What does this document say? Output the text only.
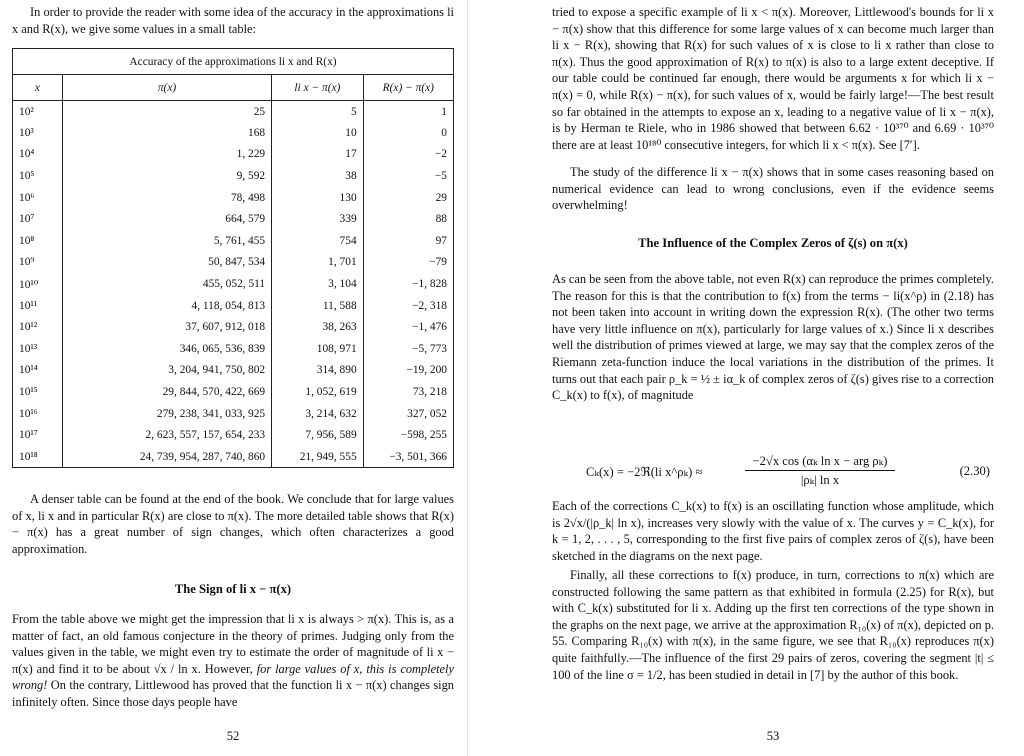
In order to provide the reader with some idea of the accuracy in the approximations li x and R(x), we give some values in a small table:

Accuracy of the approximations li x and R(x)
x	π(x)	li x − π(x)	R(x) − π(x)
10²	25	5	1
10³	168	10	0
10⁴	1, 229	17	−2
10⁵	9, 592	38	−5
10⁶	78, 498	130	29
10⁷	664, 579	339	88
10⁸	5, 761, 455	754	97
10⁹	50, 847, 534	1, 701	−79
10¹⁰	455, 052, 511	3, 104	−1, 828
10¹¹	4, 118, 054, 813	11, 588	−2, 318
10¹²	37, 607, 912, 018	38, 263	−1, 476
10¹³	346, 065, 536, 839	108, 971	−5, 773
10¹⁴	3, 204, 941, 750, 802	314, 890	−19, 200
10¹⁵	29, 844, 570, 422, 669	1, 052, 619	73, 218
10¹⁶	279, 238, 341, 033, 925	3, 214, 632	327, 052
10¹⁷	2, 623, 557, 157, 654, 233	7, 956, 589	−598, 255
10¹⁸	24, 739, 954, 287, 740, 860	21, 949, 555	−3, 501, 366

A denser table can be found at the end of the book. We conclude that for large values of x, li x and in particular R(x) are close to π(x). The more detailed table shows that R(x) − π(x) has a great number of sign changes, which often characterizes a good approximation.

The Sign of li x − π(x)

From the table above we might get the impression that li x is always > π(x). This is, as a matter of fact, an old famous conjecture in the theory of primes. Judging only from the values given in the table, we might even try to estimate the order of magnitude of li x − π(x) and find it to be about √x / ln x. However, for large values of x, this is completely wrong! On the contrary, Littlewood has proved that the function li x − π(x) changes sign infinitely often. Since those days people have

52

tried to expose a specific example of li x < π(x). Moreover, Littlewood's bounds for li x − π(x) show that this difference for some large values of x can become much larger than li x − R(x), showing that R(x) for such values of x is close to li x rather than close to π(x). Thus the good approximation of R(x) to π(x) is also to a large extent deceptive. If our table could be continued far enough, there would be arguments x for which li x − π(x) = 0, while R(x) − π(x), for such values of x, would be fairly large!—The best result so far obtained in the attempts to expose an x, leading to a negative value of li x − π(x), is by Herman te Riele, who in 1986 showed that between 6.62 · 10³⁷⁰ and 6.69 · 10³⁷⁰ there are at least 10¹⁸⁰ consecutive integers, for which li x < π(x). See [7′].

The study of the difference li x − π(x) shows that in some cases reasoning based on numerical evidence can lead to wrong conclusions, even if the evidence seems overwhelming!

The Influence of the Complex Zeros of ζ(s) on π(x)

As can be seen from the above table, not even R(x) can reproduce the primes completely. The reason for this is that the contribution to f(x) from the terms − li(x^ρ) in (2.18) has not been taken into account in writing down the expression R(x). (The other two terms have very little influence on π(x), particularly for large values of x.) Since li x describes well the distribution of primes viewed at large, we may say that the complex zeros of the Riemann zeta-function induce the local variations in the distribution of the primes. It turns out that each pair ρ_k = ½ ± iα_k of complex zeros of ζ(s) gives rise to a correction C_k(x) to f(x), of magnitude

Each of the corrections C_k(x) to f(x) is an oscillating function whose amplitude, which is 2√x/(|ρ_k| ln x), increases very slowly with the value of x. The curves y = C_k(x), for k = 1, 2, . . . , 5, corresponding to the first five pairs of complex zeros of ζ(s), have been sketched in the diagrams on the next page.

Finally, all these corrections to f(x) produce, in turn, corrections to π(x) which are constructed following the same pattern as that exhibited in formula (2.25) for R(x), but with C_k(x) substituted for li x. Adding up the first ten corrections of the type shown in the graphs on the next page, we arrive at the approximation R₁₀(x) of π(x), depicted on p. 55. Comparing R₁₀(x) with π(x), in the same figure, we see that R₁₀(x) reproduces π(x) quite faithfully.—The influence of the first 29 pairs of zeros, covering the segment |t| ≤ 100 of the line σ = 1/2, has been studied in detail in [7] by the author of this book.

53
Cₖ(x) = −2ℜ(li x^ρₖ) ≈
−2√x cos (αₖ ln x − arg ρₖ)
|ρₖ| ln x
(2.30)
